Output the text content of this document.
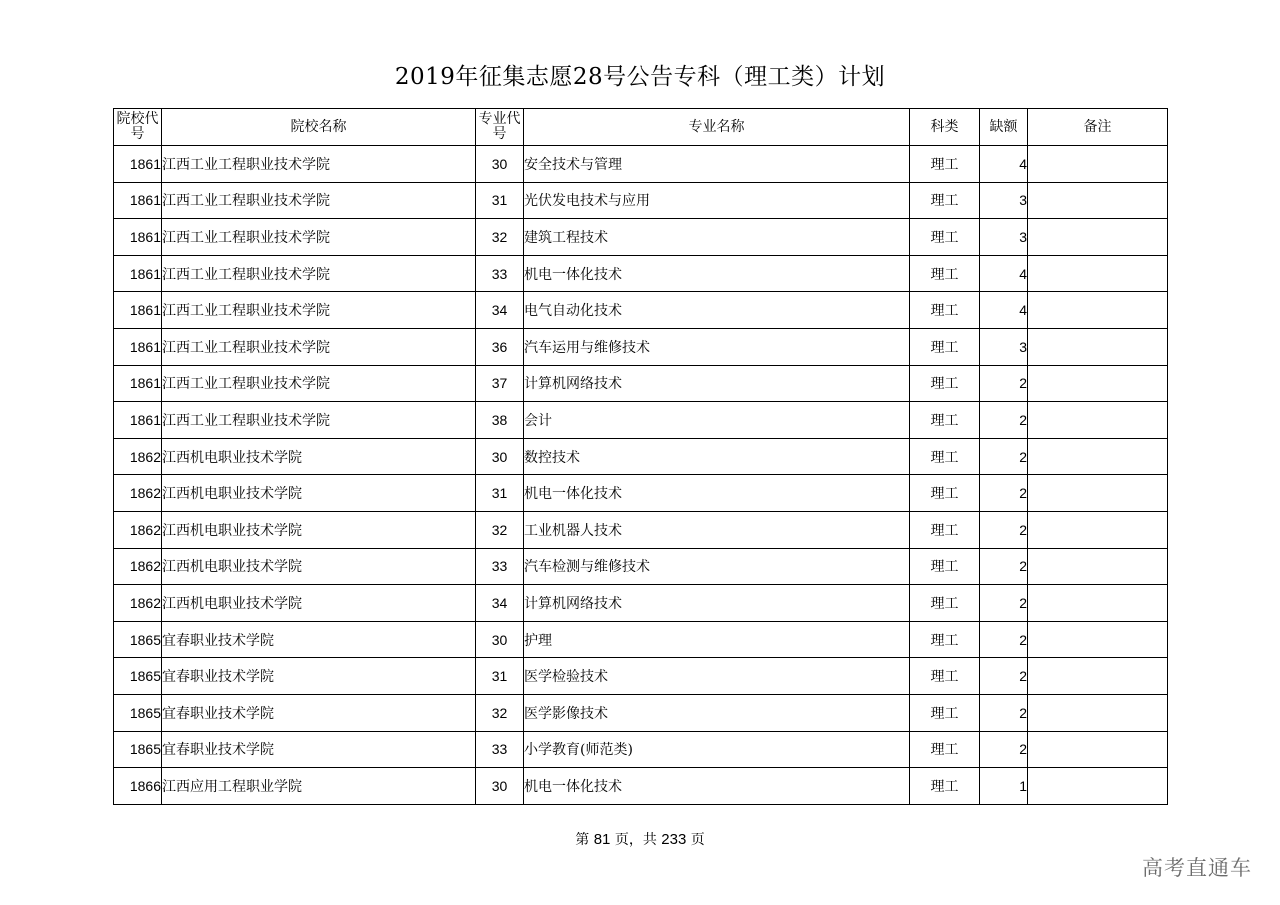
2019年征集志愿28号公告专科（理工类）计划
院校代号	院校名称	专业代号	专业名称	科类	缺额	备注
1861	江西工业工程职业技术学院	30	安全技术与管理	理工	4	
1861	江西工业工程职业技术学院	31	光伏发电技术与应用	理工	3	
1861	江西工业工程职业技术学院	32	建筑工程技术	理工	3	
1861	江西工业工程职业技术学院	33	机电一体化技术	理工	4	
1861	江西工业工程职业技术学院	34	电气自动化技术	理工	4	
1861	江西工业工程职业技术学院	36	汽车运用与维修技术	理工	3	
1861	江西工业工程职业技术学院	37	计算机网络技术	理工	2	
1861	江西工业工程职业技术学院	38	会计	理工	2	
1862	江西机电职业技术学院	30	数控技术	理工	2	
1862	江西机电职业技术学院	31	机电一体化技术	理工	2	
1862	江西机电职业技术学院	32	工业机器人技术	理工	2	
1862	江西机电职业技术学院	33	汽车检测与维修技术	理工	2	
1862	江西机电职业技术学院	34	计算机网络技术	理工	2	
1865	宜春职业技术学院	30	护理	理工	2	
1865	宜春职业技术学院	31	医学检验技术	理工	2	
1865	宜春职业技术学院	32	医学影像技术	理工	2	
1865	宜春职业技术学院	33	小学教育(师范类)	理工	2	
1866	江西应用工程职业学院	30	机电一体化技术	理工	1	
第 81 页，共 233 页
高考直通车
